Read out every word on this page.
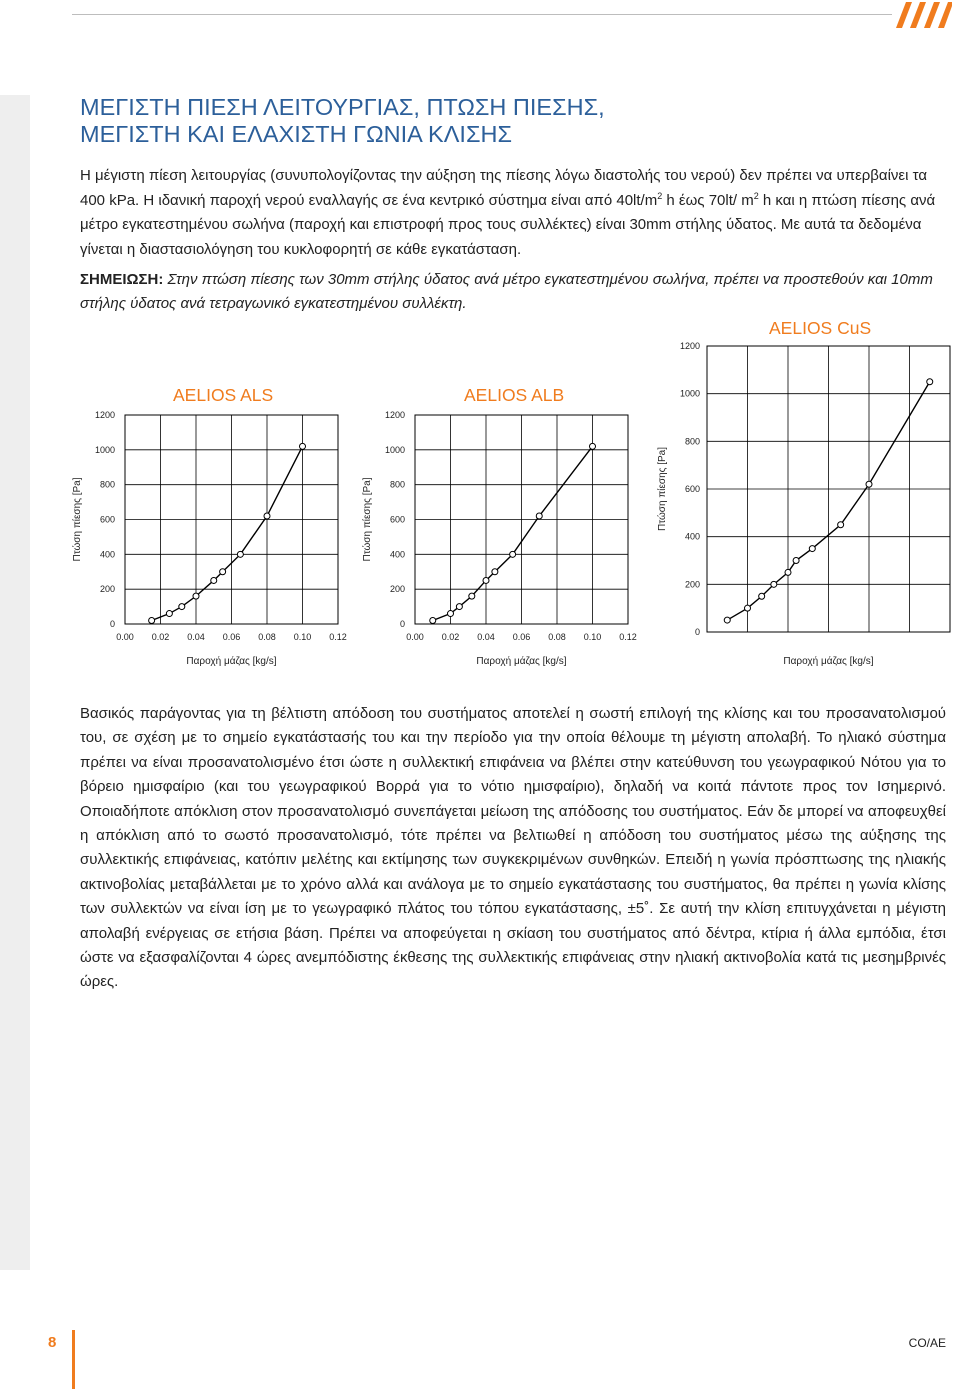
ΜΕΓΙΣΤΗ ΠΙΕΣΗ ΛΕΙΤΟΥΡΓΙΑΣ, ΠΤΩΣΗ ΠΙΕΣΗΣ,
ΜΕΓΙΣΤΗ ΚΑΙ ΕΛΑΧΙΣΤΗ ΓΩΝΙΑ ΚΛΙΣΗΣ

Η μέγιστη πίεση λειτουργίας (συνυπολογίζοντας την αύξηση της πίεσης λόγω διαστολής του νερού) δεν πρέπει να υπερβαίνει τα 400 kPa. Η ιδανική παροχή νερού εναλλαγής σε ένα κεντρικό σύστημα είναι από $40lt/m^2$ h έως 70lt/ $m^2$ h και η πτώση πίεσης ανά μέτρο εγκατεστημένου σωλήνα (παροχή και επιστροφή προς τους συλλέκτες) είναι 30mm στήλης ύδατος. Με αυτά τα δεδομένα γίνεται η διαστασιολόγηση του κυκλοφορητή σε κάθε εγκατάσταση.

ΣΗΜΕΙΩΣΗ: Στην πτώση πίεσης των 30mm στήλης ύδατος ανά μέτρο εγκατεστημένου σωλήνα, πρέπει να προστεθούν και 10mm στήλης ύδατος ανά τετραγωνικό εγκατεστημένου συλλέκτη.

AELIOS ALS	AELIOS ALB
AELIOS CuS
0
200
400
600
800
1000
1200
0.00 0.02 0.04 0.06 0.08 0.10 0.12
Παροχή μάζας [kg/s]
Πτώση πίεσης [Pa]
0
200
400
600
800
1000
1200
0.00 0.02 0.04 0.06 0.08 0.10 0.12
Παροχή μάζας [kg/s]
Πτώση πίεσης [Pa]
0
200
400
600
800
1000
1200
Παροχή μάζας [kg/s]
Πτώση πίεσης [Pa]

Βασικός παράγοντας για τη βέλτιστη απόδοση του συστήματος αποτελεί η σωστή επιλογή της κλίσης και του προσανατολισμού του, σε σχέση με το σημείο εγκατάστασής του και την περίοδο για την οποία θέλουμε τη μέγιστη απολαβή. Το ηλιακό σύστημα πρέπει να είναι προσανατολισμένο έτσι ώστε η συλλεκτική επιφάνεια να βλέπει στην κατεύθυνση του γεωγραφικού Νότου για το βόρειο ημισφαίριο (και του γεωγραφικού Βορρά για το νότιο ημισφαίριο), δηλαδή να κοιτά πάντοτε προς τον Ισημερινό. Οποιαδήποτε απόκλιση στον προσανατολισμό συνεπάγεται μείωση της απόδοσης του συστήματος. Εάν δε μπορεί να αποφευχθεί η απόκλιση από το σωστό προσανατολισμό, τότε πρέπει να βελτιωθεί η απόδοση του συστήματος μέσω της αύξησης της συλλεκτικής επιφάνειας, κατόπιν μελέτης και εκτίμησης των συγκεκριμένων συνθηκών. Επειδή η γωνία πρόσπτωσης της ηλιακής ακτινοβολίας μεταβάλλεται με το χρόνο αλλά και ανάλογα με το σημείο εγκατάστασης του συστήματος, θα πρέπει η γωνία κλίσης των συλλεκτών να είναι ίση με το γεωγραφικό πλάτος του τόπου εγκατάστασης, ±5˚. Σε αυτή την κλίση επιτυγχάνεται η μέγιστη απολαβή ενέργειας σε ετήσια βάση. Πρέπει να αποφεύγεται η σκίαση του συστήματος από δέντρα, κτίρια ή άλλα εμπόδια, έτσι ώστε να εξασφαλίζονται 4 ώρες ανεμπόδιστης έκθεσης της συλλεκτικής επιφάνειας στην ηλιακή ακτινοβολία κατά τις μεσημβρινές ώρες.

8	CO/AE
